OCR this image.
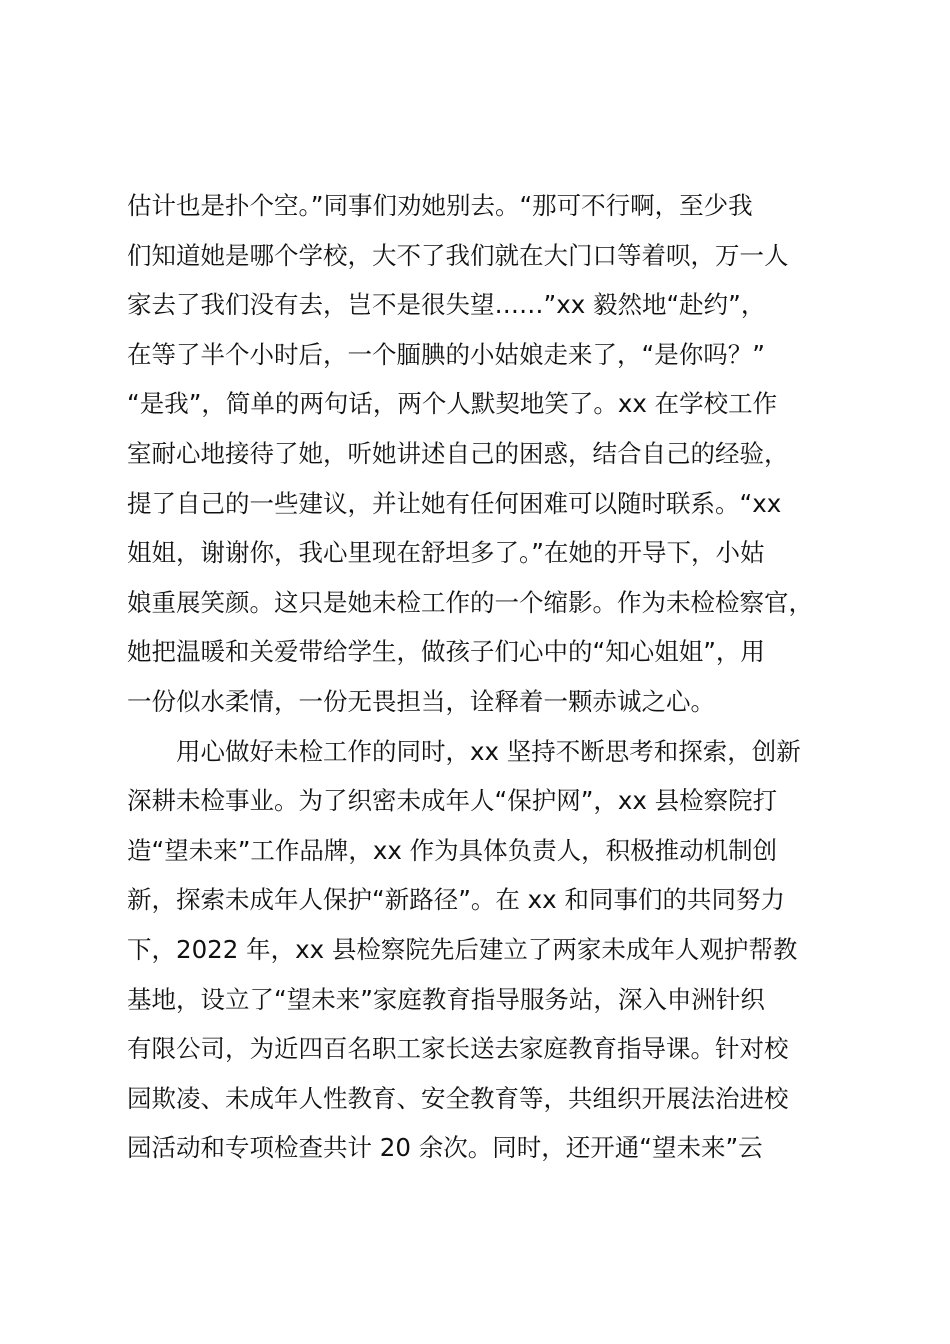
估计也是扑个空。”同事们劝她别去。“那可不行啊，至少我
们知道她是哪个学校，大不了我们就在大门口等着呗，万一人
家去了我们没有去，岂不是很失望……”xx 毅然地“赴约”，
在等了半个小时后，一个腼腆的小姑娘走来了，“是你吗？”
“是我”，简单的两句话，两个人默契地笑了。xx 在学校工作
室耐心地接待了她，听她讲述自己的困惑，结合自己的经验，
提了自己的一些建议，并让她有任何困难可以随时联系。“xx
姐姐，谢谢你，我心里现在舒坦多了。”在她的开导下，小姑
娘重展笑颜。这只是她未检工作的一个缩影。作为未检检察官，
她把温暖和关爱带给学生，做孩子们心中的“知心姐姐”，用
一份似水柔情，一份无畏担当，诠释着一颗赤诚之心。
用心做好未检工作的同时，xx 坚持不断思考和探索，创新
深耕未检事业。为了织密未成年人“保护网”，xx 县检察院打
造“望未来”工作品牌，xx 作为具体负责人，积极推动机制创
新，探索未成年人保护“新路径”。在 xx 和同事们的共同努力
下，2022 年，xx 县检察院先后建立了两家未成年人观护帮教
基地，设立了“望未来”家庭教育指导服务站，深入申洲针织
有限公司，为近四百名职工家长送去家庭教育指导课。针对校
园欺凌、未成年人性教育、安全教育等，共组织开展法治进校
园活动和专项检查共计 20 余次。同时，还开通“望未来”云
